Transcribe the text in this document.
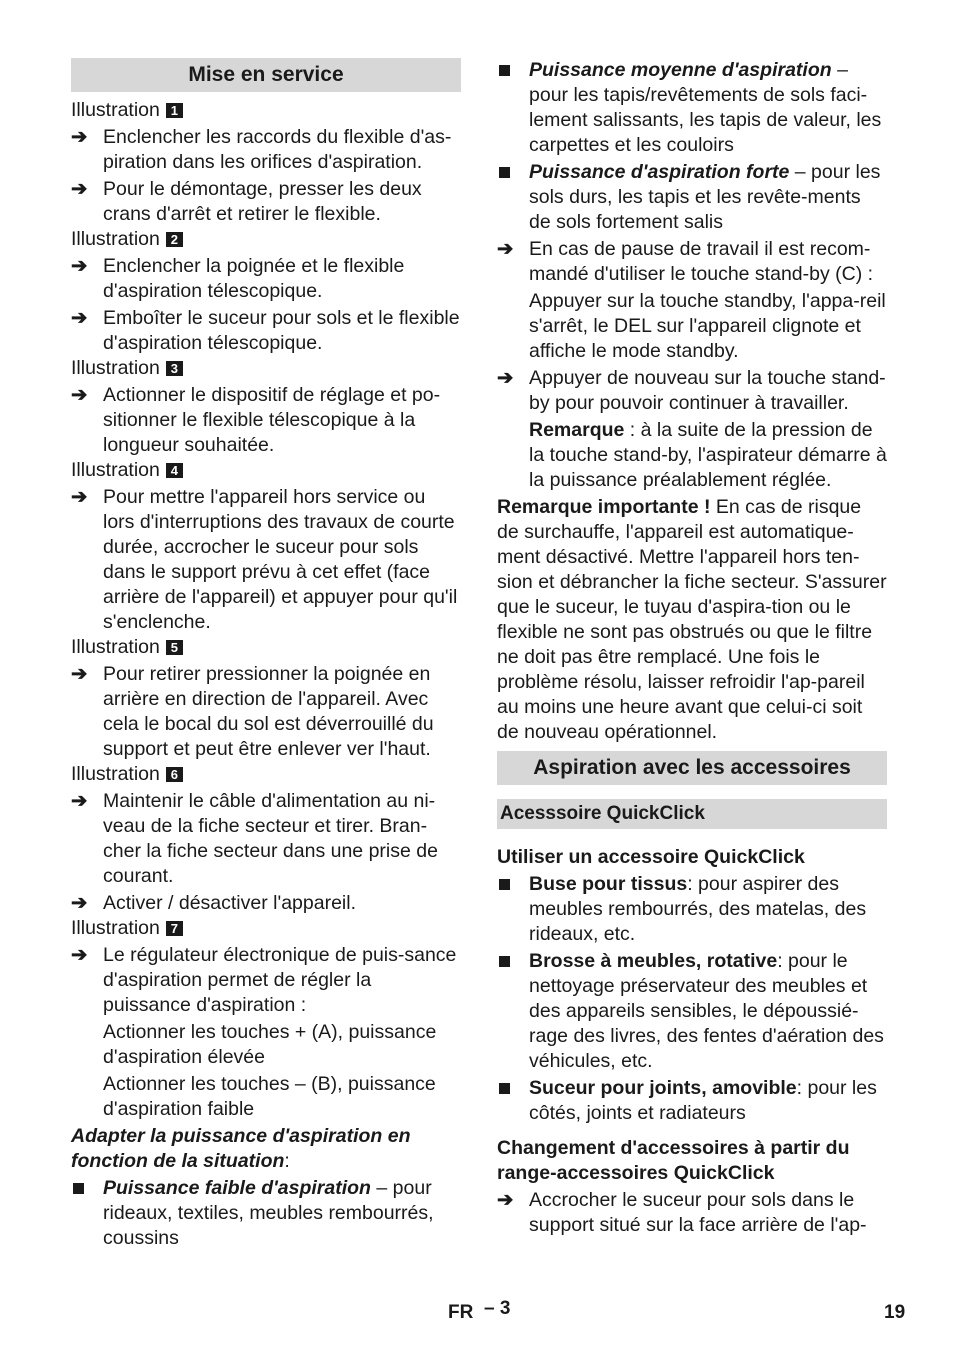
Mise en service
Illustration 1
➔ Enclencher les raccords du flexible d'as-piration dans les orifices d'aspiration.
➔ Pour le démontage, presser les deux crans d'arrêt et retirer le flexible.
Illustration 2
➔ Enclencher la poignée et le flexible d'aspiration télescopique.
➔ Emboîter le suceur pour sols et le flexible d'aspiration télescopique.
Illustration 3
➔ Actionner le dispositif de réglage et po-sitionner le flexible télescopique à la longueur souhaitée.
Illustration 4
➔ Pour mettre l'appareil hors service ou lors d'interruptions des travaux de courte durée, accrocher le suceur pour sols dans le support prévu à cet effet (face arrière de l'appareil) et appuyer pour qu'il s'enclenche.
Illustration 5
➔ Pour retirer pressionner la poignée en arrière en direction de l'appareil. Avec cela le bocal du sol est déverrouillé du support et peut être enlever ver l'haut.
Illustration 6
➔ Maintenir le câble d'alimentation au ni-veau de la fiche secteur et tirer. Bran-cher la fiche secteur dans une prise de courant.
➔ Activer / désactiver l'appareil.
Illustration 7
➔ Le régulateur électronique de puis-sance d'aspiration permet de régler la puissance d'aspiration :
Actionner les touches + (A), puissance d'aspiration élevée
Actionner les touches – (B), puissance d'aspiration faible
Adapter la puissance d'aspiration en fonction de la situation:
Puissance faible d'aspiration – pour rideaux, textiles, meubles rembourrés, coussins
Puissance moyenne d'aspiration – pour les tapis/revêtements de sols faci-lement salissants, les tapis de valeur, les carpettes et les couloirs
Puissance d'aspiration forte – pour les sols durs, les tapis et les revête-ments de sols fortement salis
➔ En cas de pause de travail il est recom-mandé d'utiliser le touche stand-by (C) :
Appuyer sur la touche standby, l'appa-reil s'arrêt, le DEL sur l'appareil clignote et affiche le mode standby.
➔ Appuyer de nouveau sur la touche stand-by pour pouvoir continuer à travailler.
Remarque : à la suite de la pression de la touche stand-by, l'aspirateur démarre à la puissance préalablement réglée.
Remarque importante ! En cas de risque de surchauffe, l'appareil est automatique-ment désactivé. Mettre l'appareil hors ten-sion et débrancher la fiche secteur. S'assurer que le suceur, le tuyau d'aspira-tion ou le flexible ne sont pas obstrués ou que le filtre ne doit pas être remplacé. Une fois le problème résolu, laisser refroidir l'ap-pareil au moins une heure avant que celui-ci soit de nouveau opérationnel.
Aspiration avec les accessoires
Acesssoire QuickClick
Utiliser un accessoire QuickClick
Buse pour tissus: pour aspirer des meubles rembourrés, des matelas, des rideaux, etc.
Brosse à meubles, rotative: pour le nettoyage préservateur des meubles et des appareils sensibles, le dépoussié-rage des livres, des fentes d'aération des véhicules, etc.
Suceur pour joints, amovible: pour les côtés, joints et radiateurs
Changement d'accessoires à partir du range-accessoires QuickClick
➔ Accrocher le suceur pour sols dans le support situé sur la face arrière de l'ap-
FR – 3	19
